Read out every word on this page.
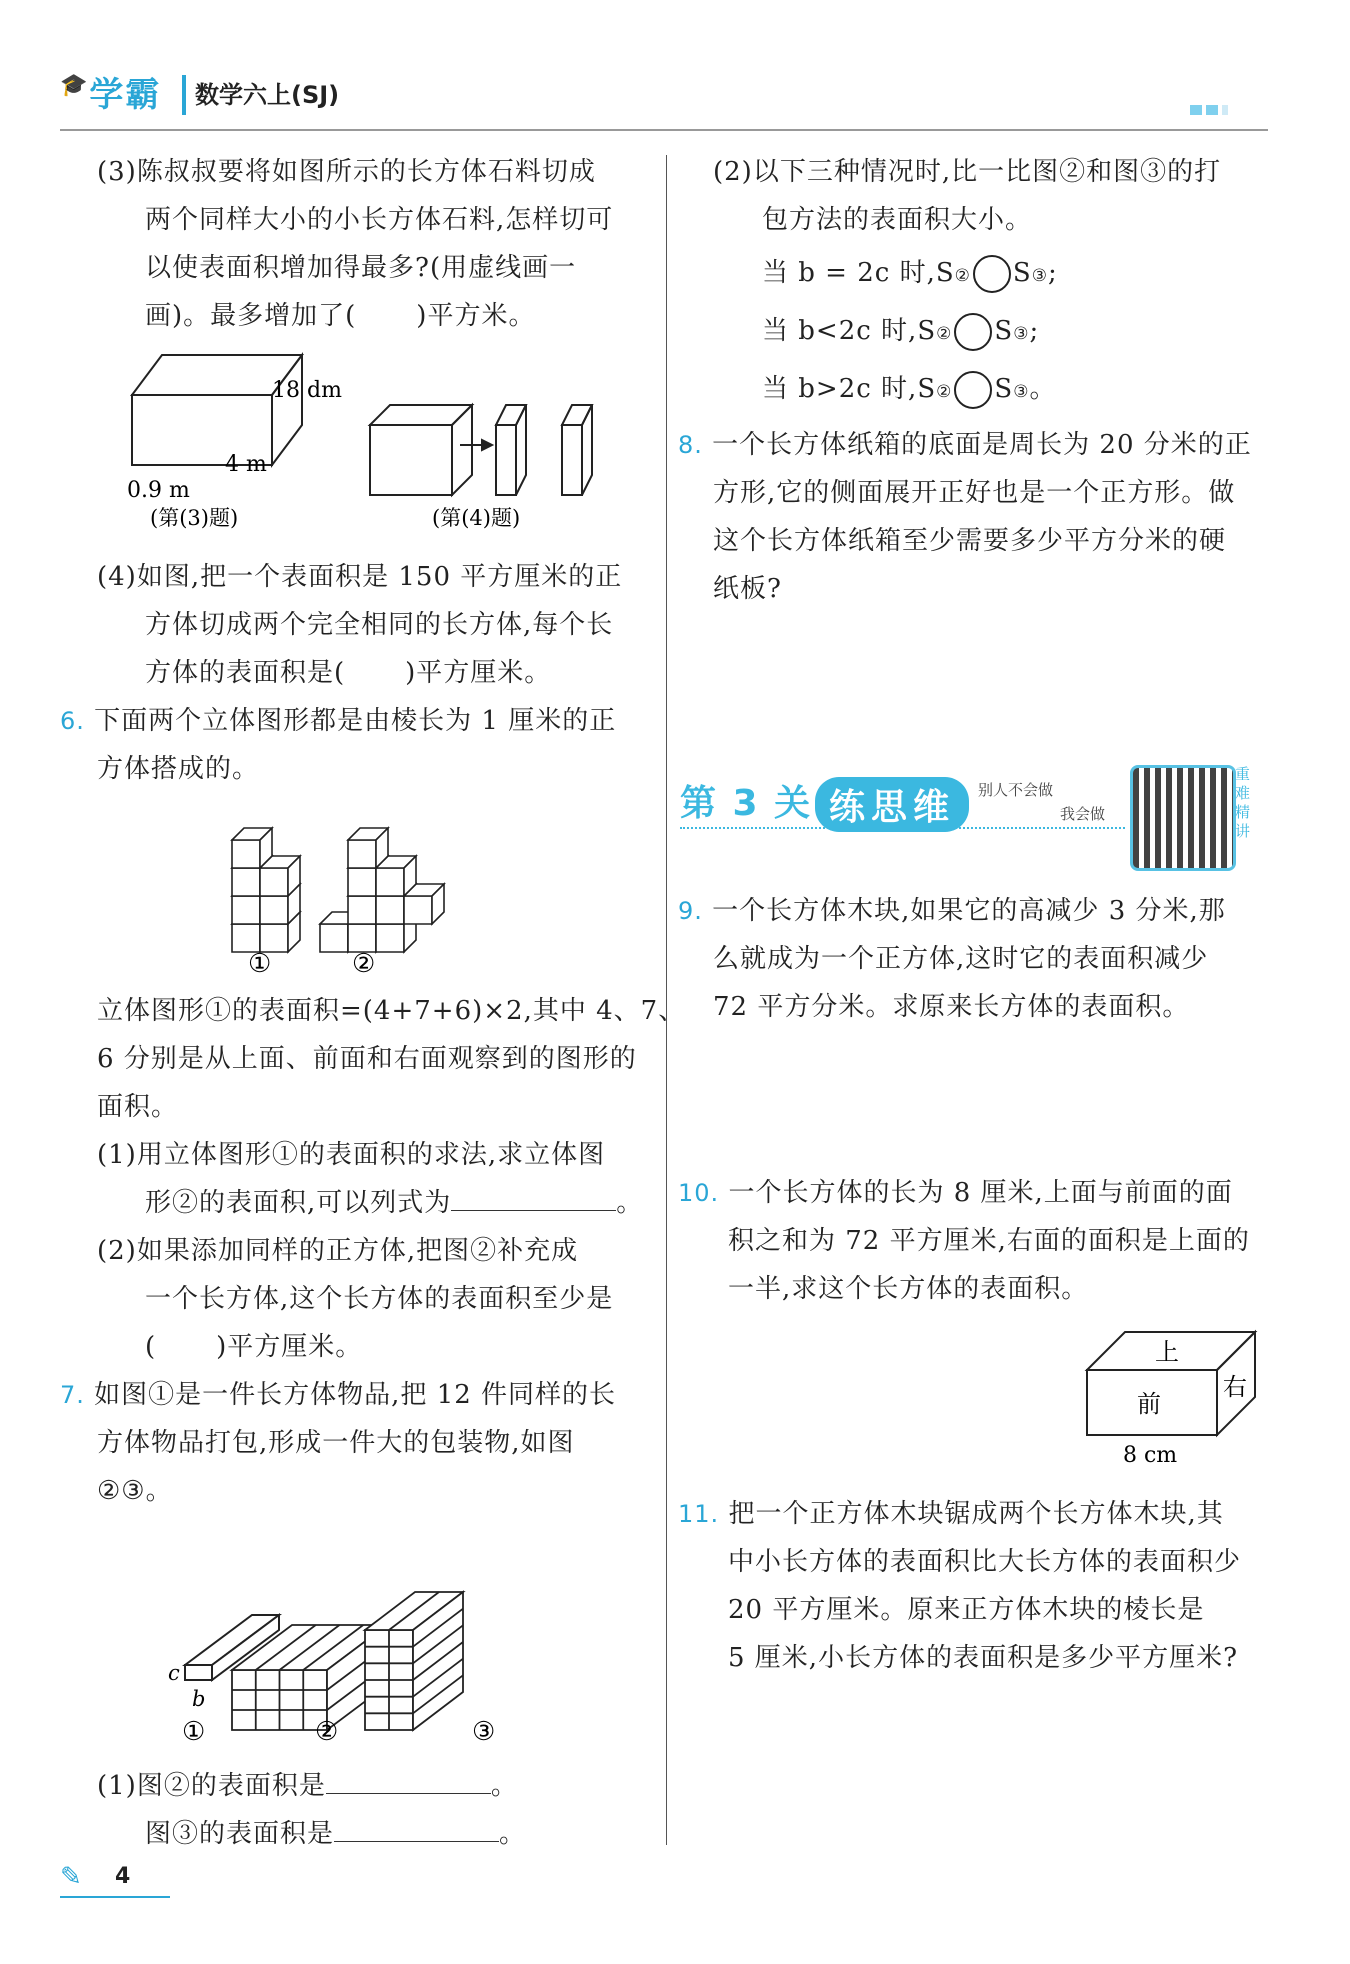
🎓学霸 数学六上(SJ)
(3)陈叔叔要将如图所示的长方体石料切成
两个同样大小的小长方体石料,怎样切可
以使表面积增加得最多?(用虚线画一
画)。最多增加了( )平方米。
18 dm
4 m
0.9 m
(第(3)题)	(第(4)题)
(4)如图,把一个表面积是 150 平方厘米的正
方体切成两个完全相同的长方体,每个长
方体的表面积是( )平方厘米。
6. 下面两个立体图形都是由棱长为 1 厘米的正
方体搭成的。
①	②
立体图形①的表面积=(4+7+6)×2,其中 4、7、
6 分别是从上面、前面和右面观察到的图形的
面积。
(1)用立体图形①的表面积的求法,求立体图
形②的表面积,可以列式为	。
(2)如果添加同样的正方体,把图②补充成
一个长方体,这个长方体的表面积至少是
( )平方厘米。
7. 如图①是一件长方体物品,把 12 件同样的长
方体物品打包,形成一件大的包装物,如图
②③。
c
b
①	②	③
(1)图②的表面积是	。
图③的表面积是	。
(2)以下三种情况时,比一比图②和图③的打
包方法的表面积大小。
当 b = 2c 时,S② S③;
当 b<2c 时,S② S③;
当 b>2c 时,S② S③。
8. 一个长方体纸箱的底面是周长为 20 分米的正
方形,它的侧面展开正好也是一个正方形。做
这个长方体纸箱至少需要多少平方分米的硬
纸板?
第 3 关 练思维	别人不会做
我会做
重难精讲
9. 一个长方体木块,如果它的高减少 3 分米,那
么就成为一个正方体,这时它的表面积减少
72 平方分米。求原来长方体的表面积。
10. 一个长方体的长为 8 厘米,上面与前面的面
积之和为 72 平方厘米,右面的面积是上面的
一半,求这个长方体的表面积。
上
前
右
8 cm
11. 把一个正方体木块锯成两个长方体木块,其
中小长方体的表面积比大长方体的表面积少
20 平方厘米。原来正方体木块的棱长是
5 厘米,小长方体的表面积是多少平方厘米?
✎ 4
